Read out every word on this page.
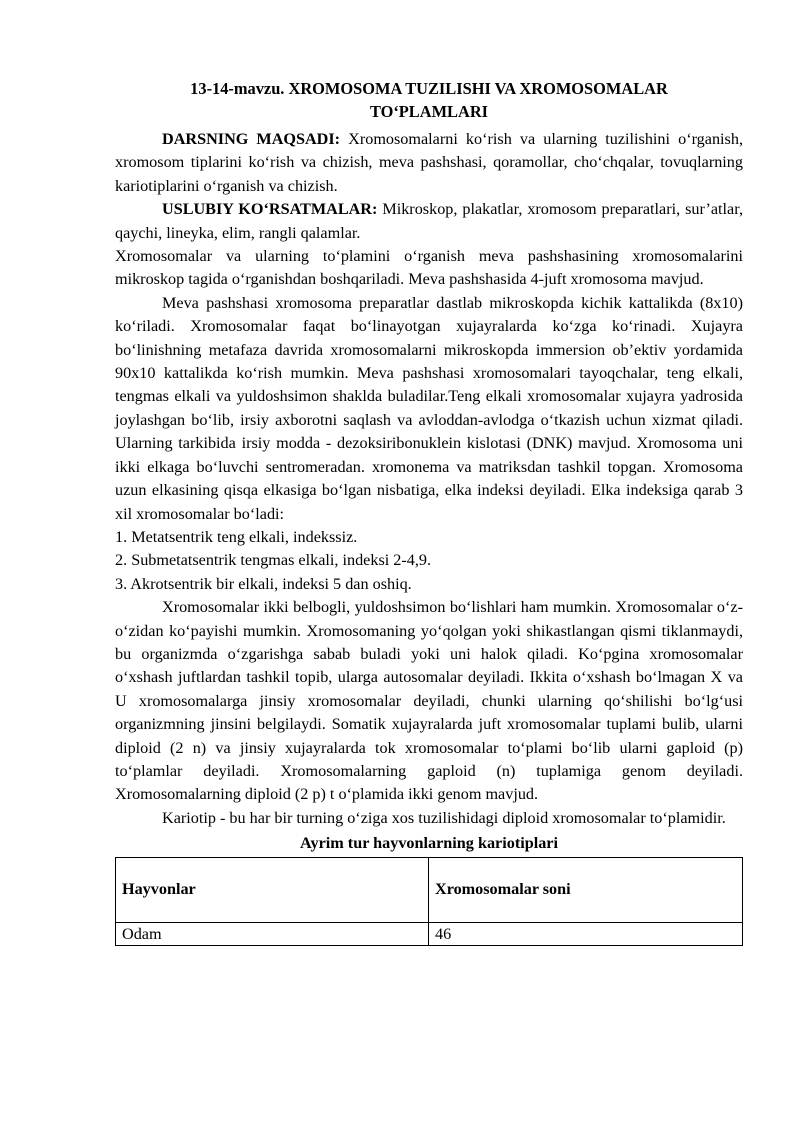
13-14-mavzu. XROMOSOMA TUZILISHI VA XROMOSOMALAR TO‘PLAMLARI

DARSNING MAQSADI: Xromosomalarni ko‘rish va ularning tuzilishini o‘rganish, xromosom tiplarini ko‘rish va chizish, meva pashshasi, qoramollar, cho‘chqalar, tovuqlarning kariotiplarini o‘rganish va chizish.

USLUBIY KO‘RSATMALAR: Mikroskop, plakatlar, xromosom preparatlari, sur’atlar, qaychi, lineyka, elim, rangli qalamlar.

Xromosomalar va ularning to‘plamini o‘rganish meva pashshasining xromosomalarini mikroskop tagida o‘rganishdan boshqariladi. Meva pashshasida 4-juft xromosoma mavjud.

Meva pashshasi xromosoma preparatlar dastlab mikroskopda kichik kattalikda (8x10) ko‘riladi. Xromosomalar faqat bo‘linayotgan xujayralarda ko‘zga ko‘rinadi. Xujayra bo‘linishning metafaza davrida xromosomalarni mikroskopda immersion ob’ektiv yordamida 90x10 kattalikda ko‘rish mumkin. Meva pashshasi xromosomalari tayoqchalar, teng elkali, tengmas elkali va yuldoshsimon shaklda buladilar.Teng elkali xromosomalar xujayra yadrosida joylashgan bo‘lib, irsiy axborotni saqlash va avloddan-avlodga o‘tkazish uchun xizmat qiladi. Ularning tarkibida irsiy modda - dezoksiribonuklein kislotasi (DNK) mavjud. Xromosoma uni ikki elkaga bo‘luvchi sentromeradan. xromonema va matriksdan tashkil topgan. Xromosoma uzun elkasining qisqa elkasiga bo‘lgan nisbatiga, elka indeksi deyiladi. Elka indeksiga qarab 3 xil xromosomalar bo‘ladi:

1. Metatsentrik teng elkali, indekssiz.

2. Submetatsentrik tengmas elkali, indeksi 2-4,9.

3. Akrotsentrik bir elkali, indeksi 5 dan oshiq.

Xromosomalar ikki belbogli, yuldoshsimon bo‘lishlari ham mumkin. Xromosomalar o‘z-o‘zidan ko‘payishi mumkin. Xromosomaning yo‘qolgan yoki shikastlangan qismi tiklanmaydi, bu organizmda o‘zgarishga sabab buladi yoki uni halok qiladi. Ko‘pgina xromosomalar o‘xshash juftlardan tashkil topib, ularga autosomalar deyiladi. Ikkita o‘xshash bo‘lmagan X va U xromosomalarga jinsiy xromosomalar deyiladi, chunki ularning qo‘shilishi bo‘lg‘usi organizmning jinsini belgilaydi. Somatik xujayralarda juft xromosomalar tuplami bulib, ularni diploid (2 n) va jinsiy xujayralarda tok xromosomalar to‘plami bo‘lib ularni gaploid (p) to‘plamlar deyiladi. Xromosomalarning gaploid (n) tuplamiga genom deyiladi. Xromosomalarning diploid (2 p) t o‘plamida ikki genom mavjud.

Kariotip - bu har bir turning o‘ziga xos tuzilishidagi diploid xromosomalar to‘plamidir.

Ayrim tur hayvonlarning kariotiplari
Hayvonlar	Xromosomalar soni
Odam	46
